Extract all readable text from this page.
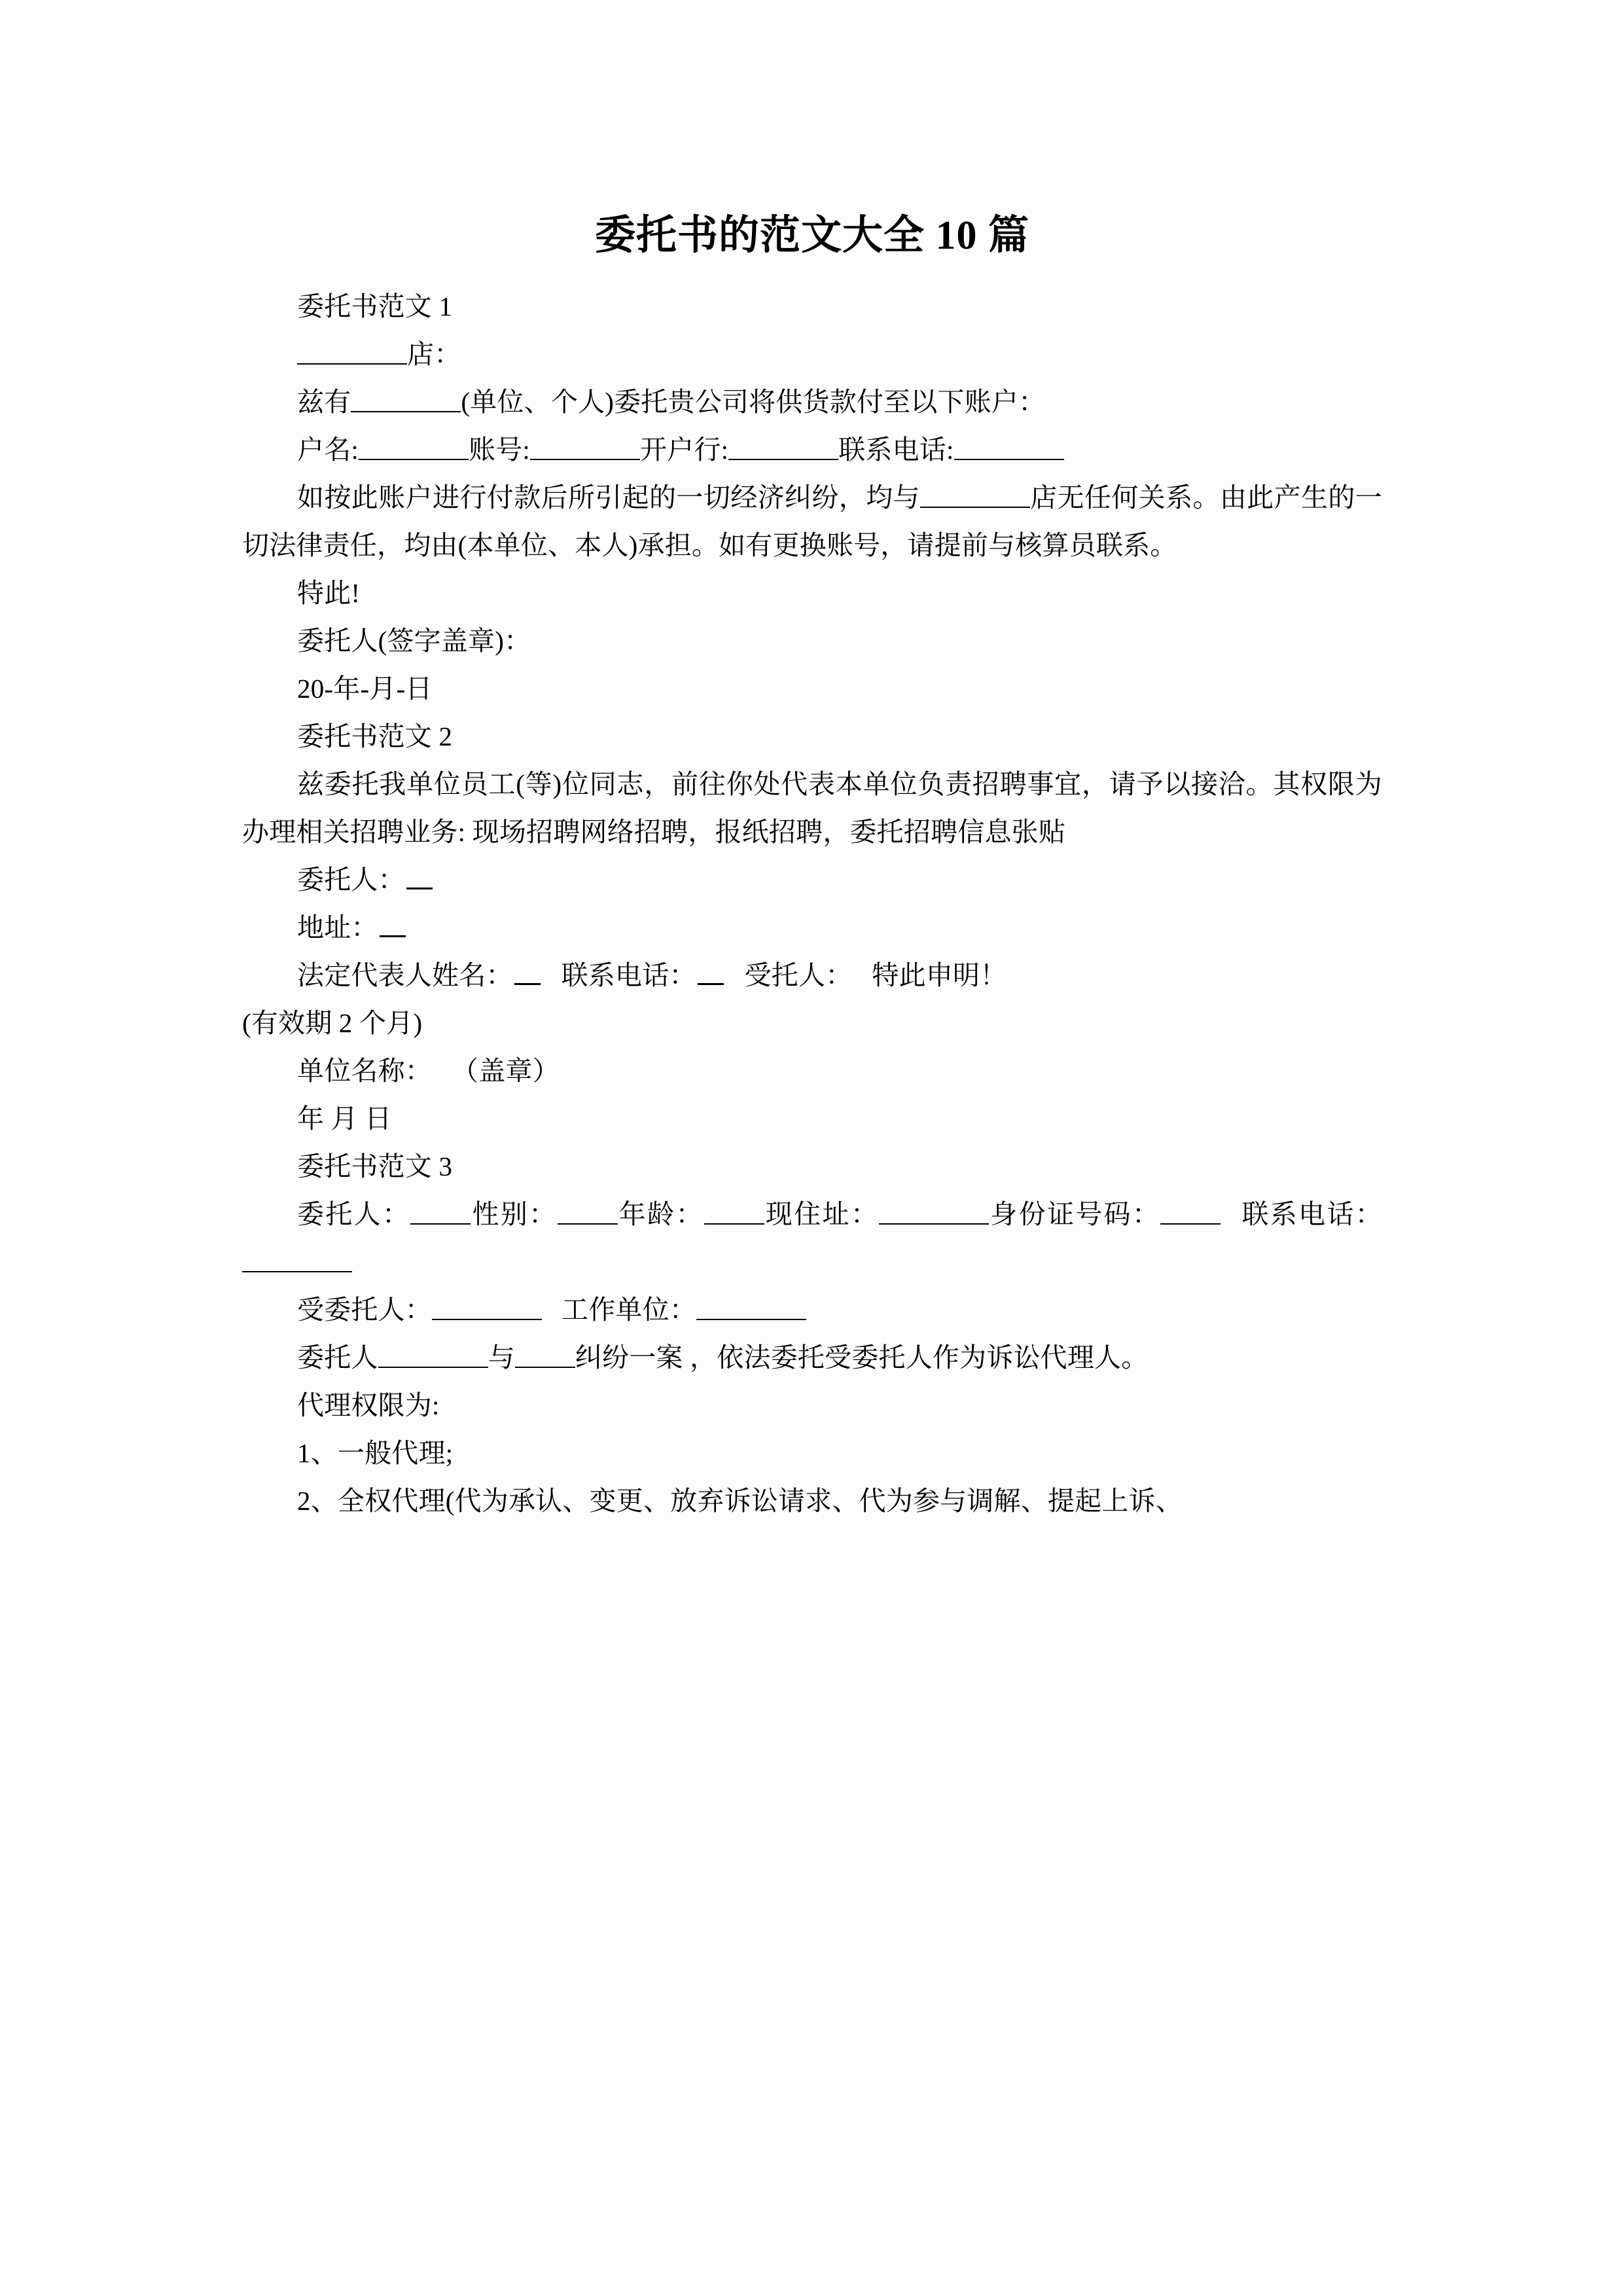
委托书的范文大全 10 篇

委托书范文 1

店：

兹有	(单位、个人)委托贵公司将供货款付至以下账户：

户名:	账号:	开户行:	联系电话:

如按此账户进行付款后所引起的一切经济纠纷，均与	店无任何关系。由此产生的一切法律责任，均由(本单位、本人)承担。如有更换账号，请提前与核算员联系。

特此!

委托人(签字盖章)：

20-年-月-日

委托书范文 2

兹委托我单位员工(等)位同志，前往你处代表本单位负责招聘事宜，请予以接洽。其权限为办理相关招聘业务: 现场招聘网络招聘，报纸招聘，委托招聘信息张贴

委托人：

地址：

法定代表人姓名： 联系电话： 受托人： 特此申明！

(有效期 2 个月)

单位名称： （盖章）

年 月 日

委托书范文 3

委托人： 性别： 年龄： 现住址：	身份证号码：	联系电话：

受委托人：	工作单位：

委托人	与 纠纷一案 ，依法委托受委托人作为诉讼代理人。

代理权限为:

1、一般代理;

2、全权代理(代为承认、变更、放弃诉讼请求、代为参与调解、提起上诉、
